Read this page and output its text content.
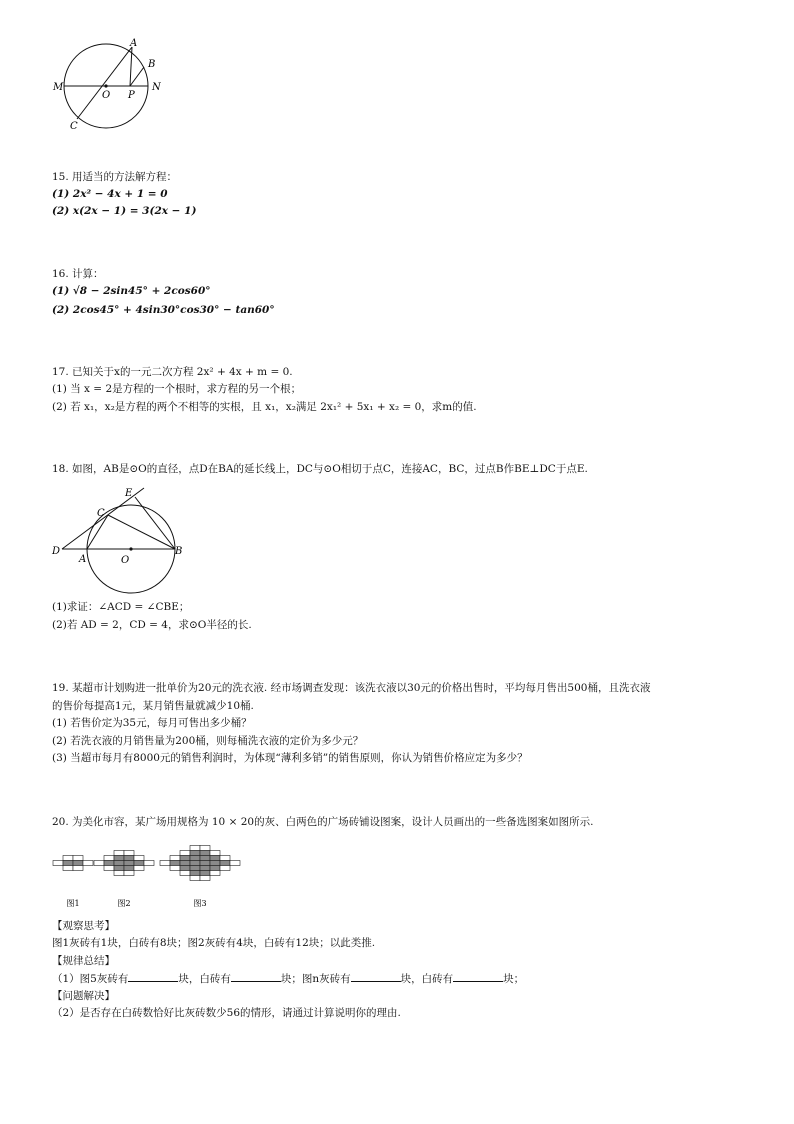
A
B
N
M
O P
C
15. 用适当的方法解方程：
(1) 2x² − 4x + 1 = 0
(2) x(2x − 1) = 3(2x − 1)
16. 计算：
(1) √8 − 2sin45° + 2cos60°
(2) 2cos45° + 4sin30°cos30° − tan60°
17. 已知关于x的一元二次方程 2x² + 4x + m = 0.
(1) 当 x = 2是方程的一个根时，求方程的另一个根；
(2) 若 x₁，x₂是方程的两个不相等的实根，且 x₁，x₂满足 2x₁² + 5x₁ + x₂ = 0，求m的值.
18. 如图，AB是⊙O的直径，点D在BA的延长线上，DC与⊙O相切于点C，连接AC，BC，过点B作BE⊥DC于点E.
E
C
D
A	O
B
(1)求证：∠ACD = ∠CBE；
(2)若 AD = 2，CD = 4，求⊙O半径的长.
19. 某超市计划购进一批单价为20元的洗衣液. 经市场调查发现：该洗衣液以30元的价格出售时，平均每月售出500桶，且洗衣液
的售价每提高1元，某月销售量就减少10桶.
(1) 若售价定为35元，每月可售出多少桶？
(2) 若洗衣液的月销售量为200桶，则每桶洗衣液的定价为多少元？
(3) 当超市每月有8000元的销售利润时，为体现“薄利多销”的销售原则，你认为销售价格应定为多少？
20. 为美化市容，某广场用规格为 10 × 20的灰、白两色的广场砖铺设图案，设计人员画出的一些备选图案如图所示.
图1	图2	图3
【观察思考】
图1灰砖有1块，白砖有8块；图2灰砖有4块，白砖有12块；以此类推.
【规律总结】
（1）图5灰砖有	块，白砖有	块；图n灰砖有	块，白砖有	块；
【问题解决】
（2）是否存在白砖数恰好比灰砖数少56的情形，请通过计算说明你的理由.
